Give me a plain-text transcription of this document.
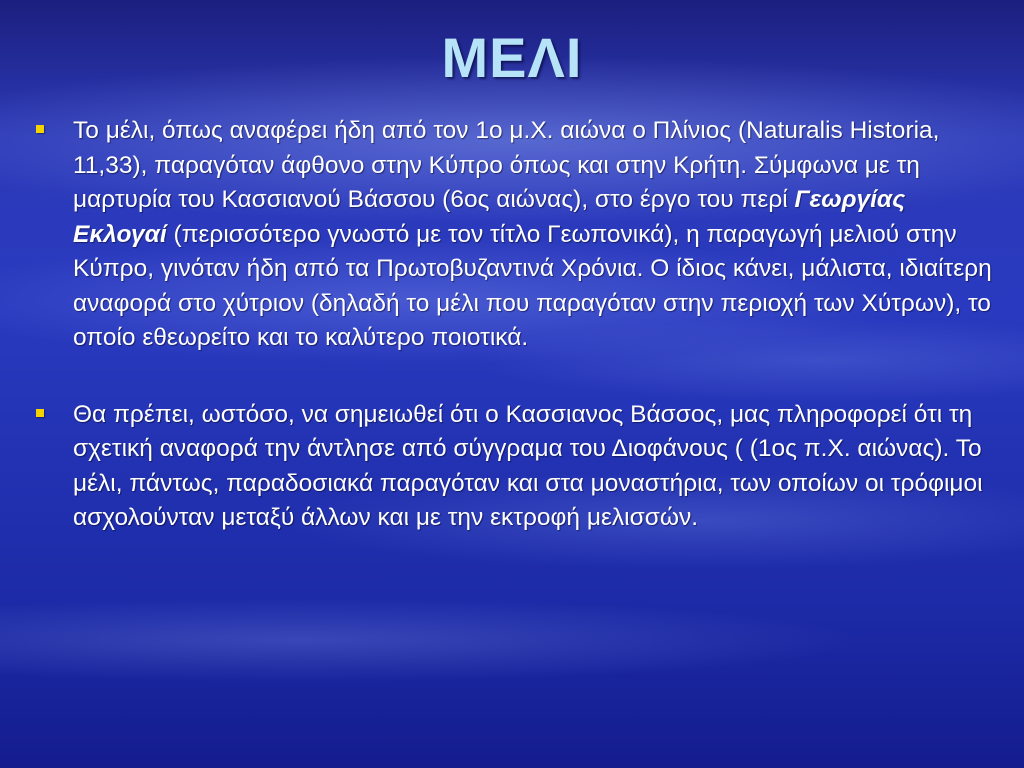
ΜΕΛΙ
Το μέλι, όπως αναφέρει ήδη από τον 1ο μ.Χ. αιώνα ο Πλίνιος (Naturalis Historia, 11,33), παραγόταν άφθονο στην Κύπρο όπως και στην Κρήτη. Σύμφωνα με τη μαρτυρία του Κασσιανού Βάσσου (6ος αιώνας), στο έργο του περί Γεωργίας Εκλογαί (περισσότερο γνωστό με τον τίτλο Γεωπονικά), η παραγωγή μελιού στην Κύπρο, γινόταν ήδη από τα Πρωτοβυζαντινά Χρόνια. Ο ίδιος κάνει, μάλιστα, ιδιαίτερη αναφορά στο χύτριον (δηλαδή το μέλι που παραγόταν στην περιοχή των Χύτρων), το οποίο εθεωρείτο και το καλύτερο ποιοτικά.
Θα πρέπει, ωστόσο, να σημειωθεί ότι ο Κασσιανος Βάσσος, μας πληροφορεί ότι τη σχετική αναφορά την άντλησε από σύγγραμα του Διοφάνους ( (1ος π.Χ. αιώνας). Το μέλι, πάντως, παραδοσιακά παραγόταν και στα μοναστήρια, των οποίων οι τρόφιμοι ασχολούνταν μεταξύ άλλων και με την εκτροφή μελισσών.
